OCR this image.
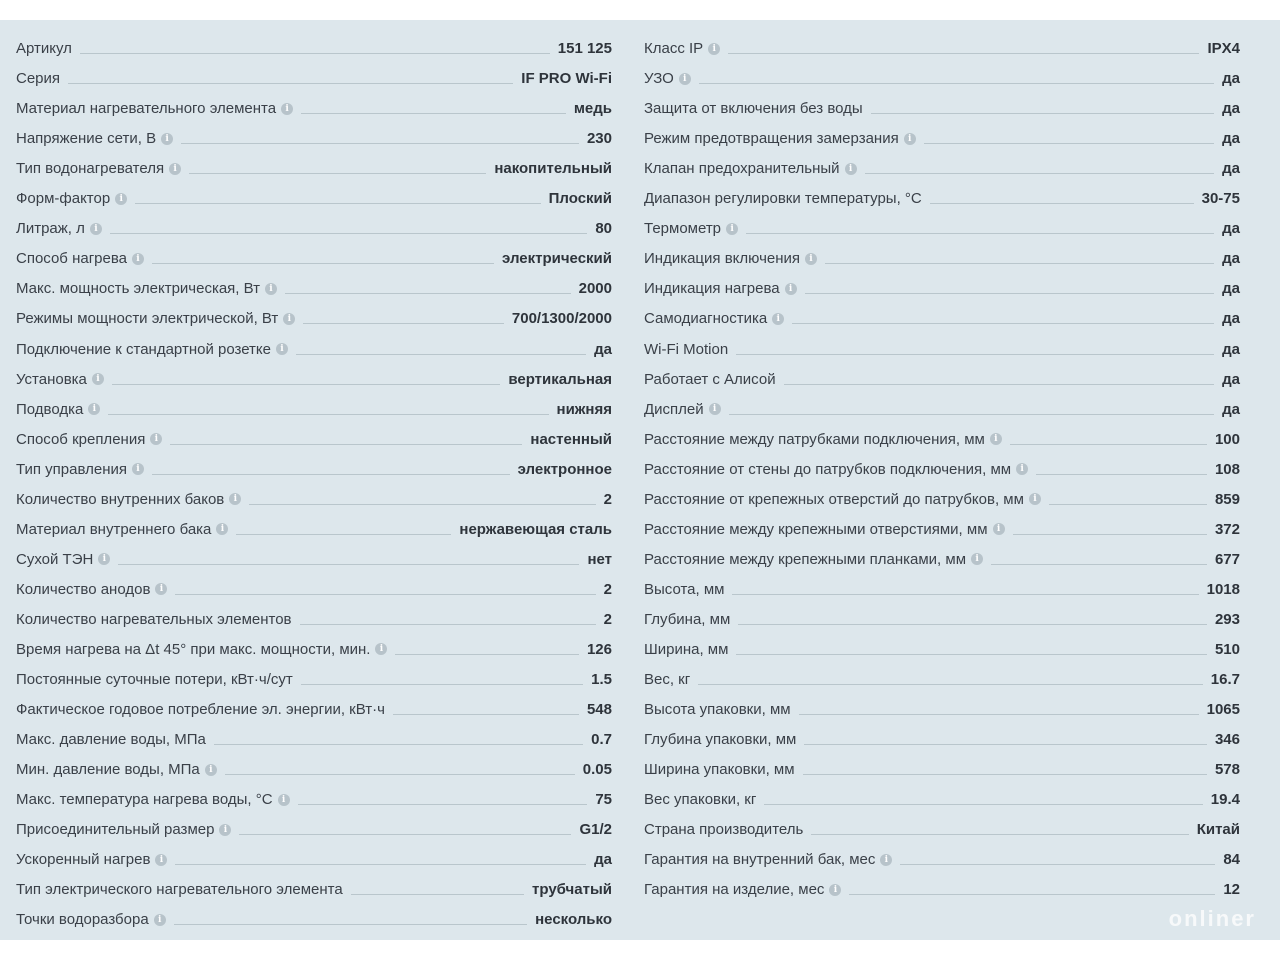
Артикул	151 125
Серия	IF PRO Wi-Fi
Материал нагревательного элемента	i	медь
Напряжение сети, В	i	230
Тип водонагревателя	i	накопительный
Форм-фактор	i	Плоский
Литраж, л	i	80
Способ нагрева	i	электрический
Макс. мощность электрическая, Вт	i	2000
Режимы мощности электрической, Вт	i	700/1300/2000
Подключение к стандартной розетке	i	да
Установка	i	вертикальная
Подводка	i	нижняя
Способ крепления	i	настенный
Тип управления	i	электронное
Количество внутренних баков	i	2
Материал внутреннего бака	i	нержавеющая сталь
Сухой ТЭН	i	нет
Количество анодов	i	2
Количество нагревательных элементов	2
Время нагрева на Δt 45° при макс. мощности, мин.	i	126
Постоянные суточные потери, кВт·ч/сут	1.5
Фактическое годовое потребление эл. энергии, кВт·ч	548
Макс. давление воды, МПа	0.7
Мин. давление воды, МПа	i	0.05
Макс. температура нагрева воды, °С	i	75
Присоединительный размер	i	G1/2
Ускоренный нагрев	i	да
Тип электрического нагревательного элемента	трубчатый
Точки водоразбора	i	несколько
Класс IP	i	IPX4
УЗО	i	да
Защита от включения без воды	да
Режим предотвращения замерзания	i	да
Клапан предохранительный	i	да
Диапазон регулировки температуры, °С	30-75
Термометр	i	да
Индикация включения	i	да
Индикация нагрева	i	да
Самодиагностика	i	да
Wi-Fi Motion	да
Работает с Алисой	да
Дисплей	i	да
Расстояние между патрубками подключения, мм	i	100
Расстояние от стены до патрубков подключения, мм	i	108
Расстояние от крепежных отверстий до патрубков, мм	i	859
Расстояние между крепежными отверстиями, мм	i	372
Расстояние между крепежными планками, мм	i	677
Высота, мм	1018
Глубина, мм	293
Ширина, мм	510
Вес, кг	16.7
Высота упаковки, мм	1065
Глубина упаковки, мм	346
Ширина упаковки, мм	578
Вес упаковки, кг	19.4
Страна производитель	Китай
Гарантия на внутренний бак, мес	i	84
Гарантия на изделие, мес	i	12
onliner
